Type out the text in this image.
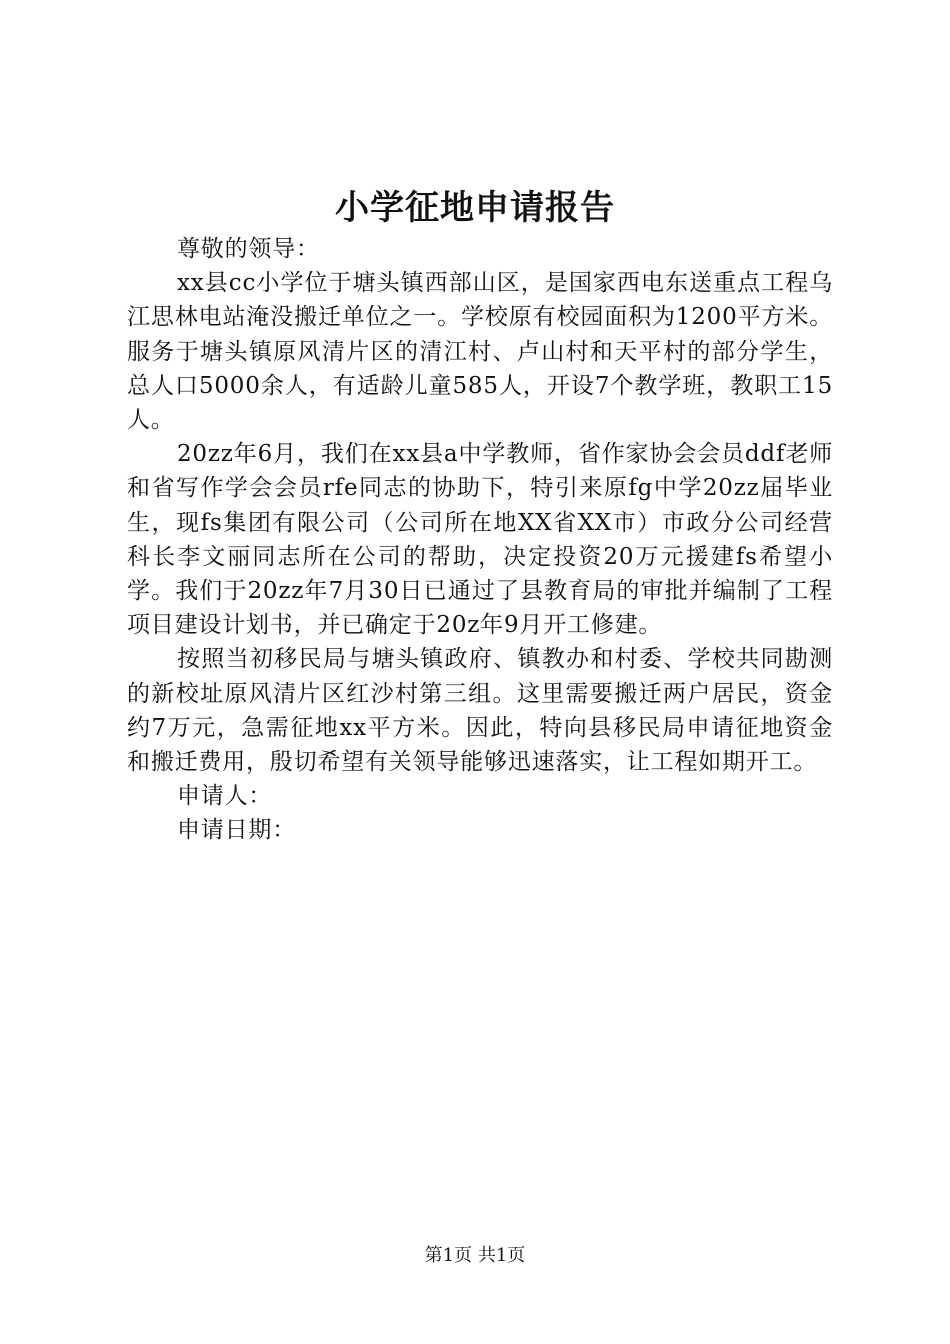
小学征地申请报告

尊敬的领导：

xx县cc小学位于塘头镇西部山区，是国家西电东送重点工程乌江思林电站淹没搬迁单位之一。学校原有校园面积为1200平方米。服务于塘头镇原风清片区的清江村、卢山村和天平村的部分学生，总人口5000余人，有适龄儿童585人，开设7个教学班，教职工15人。

20zz年6月，我们在xx县a中学教师，省作家协会会员ddf老师和省写作学会会员rfe同志的协助下，特引来原fg中学20zz届毕业生，现fs集团有限公司（公司所在地XX省XX市）市政分公司经营科长李文丽同志所在公司的帮助，决定投资20万元援建fs希望小学。我们于20zz年7月30日已通过了县教育局的审批并编制了工程项目建设计划书，并已确定于20z年9月开工修建。

按照当初移民局与塘头镇政府、镇教办和村委、学校共同勘测的新校址原风清片区红沙村第三组。这里需要搬迁两户居民，资金约7万元，急需征地xx平方米。因此，特向县移民局申请征地资金和搬迁费用，殷切希望有关领导能够迅速落实，让工程如期开工。

申请人：

申请日期：

第1页 共1页
